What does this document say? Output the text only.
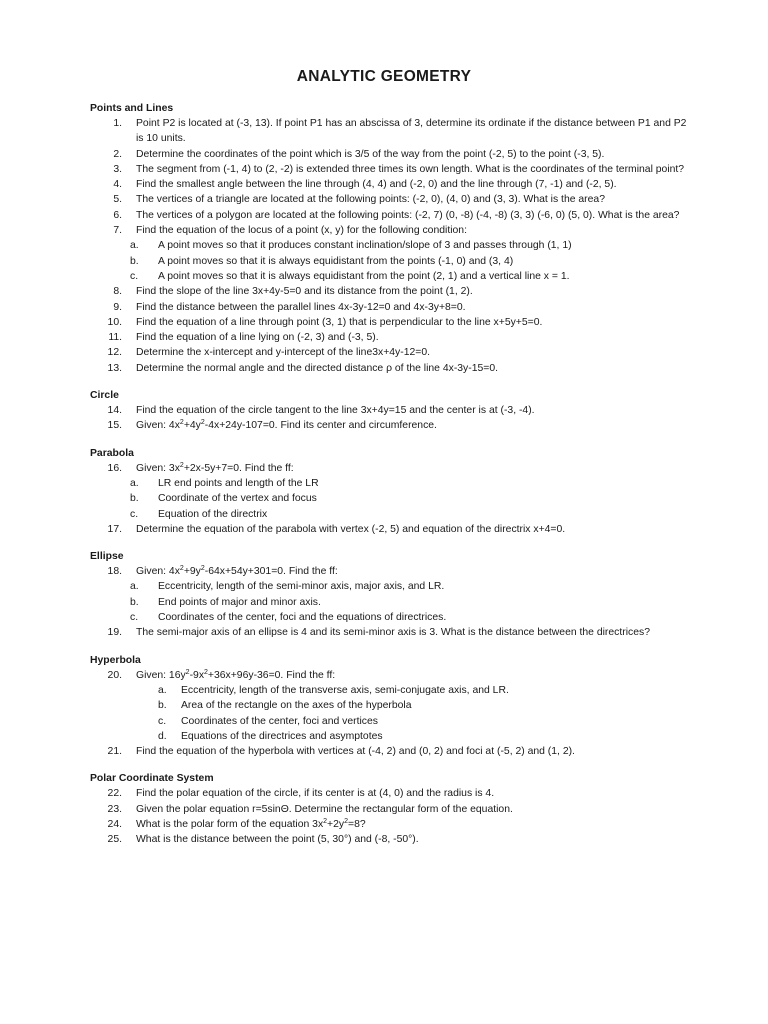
ANALYTIC GEOMETRY
Points and Lines
1. Point P2 is located at (-3, 13). If point P1 has an abscissa of 3, determine its ordinate if the distance between P1 and P2 is 10 units.
2. Determine the coordinates of the point which is 3/5 of the way from the point (-2, 5) to the point (-3, 5).
3. The segment from (-1, 4) to (2, -2) is extended three times its own length. What is the coordinates of the terminal point?
4. Find the smallest angle between the line through (4, 4) and (-2, 0) and the line through (7, -1) and (-2, 5).
5. The vertices of a triangle are located at the following points: (-2, 0), (4, 0) and (3, 3). What is the area?
6. The vertices of a polygon are located at the following points: (-2, 7) (0, -8) (-4, -8) (3, 3) (-6, 0) (5, 0). What is the area?
7. Find the equation of the locus of a point (x, y) for the following condition:
a.	A point moves so that it produces constant inclination/slope of 3 and passes through (1, 1)
b.	A point moves so that it is always equidistant from the points (-1, 0) and (3, 4)
c.	A point moves so that it is always equidistant from the point (2, 1) and a vertical line x = 1.
8. Find the slope of the line 3x+4y-5=0 and its distance from the point (1, 2).
9. Find the distance between the parallel lines 4x-3y-12=0 and 4x-3y+8=0.
10. Find the equation of a line through point (3, 1) that is perpendicular to the line x+5y+5=0.
11. Find the equation of a line lying on (-2, 3) and (-3, 5).
12. Determine the x-intercept and y-intercept of the line3x+4y-12=0.
13. Determine the normal angle and the directed distance ρ of the line 4x-3y-15=0.
Circle
14. Find the equation of the circle tangent to the line 3x+4y=15 and the center is at (-3, -4).
15. Given: $4x^2+4y^2-4x+24y-107=0$. Find its center and circumference.
Parabola
16. Given: $3x^2+2x-5y+7=0$. Find the ff:
a.	LR end points and length of the LR
b.	Coordinate of the vertex and focus
c.	Equation of the directrix
17. Determine the equation of the parabola with vertex (-2, 5) and equation of the directrix x+4=0.
Ellipse
18. Given: $4x^2+9y^2-64x+54y+301=0$. Find the ff:
a.	Eccentricity, length of the semi-minor axis, major axis, and LR.
b.	End points of major and minor axis.
c.	Coordinates of the center, foci and the equations of directrices.
19. The semi-major axis of an ellipse is 4 and its semi-minor axis is 3. What is the distance between the directrices?
Hyperbola
20. Given: $16y^2-9x^2+36x+96y-36=0$. Find the ff:
a.	Eccentricity, length of the transverse axis, semi-conjugate axis, and LR.
b.	Area of the rectangle on the axes of the hyperbola
c.	Coordinates of the center, foci and vertices
d.	Equations of the directrices and asymptotes
21. Find the equation of the hyperbola with vertices at (-4, 2) and (0, 2) and foci at (-5, 2) and (1, 2).
Polar Coordinate System
22. Find the polar equation of the circle, if its center is at (4, 0) and the radius is 4.
23. Given the polar equation r=5sinΘ. Determine the rectangular form of the equation.
24. What is the polar form of the equation $3x^2+2y^2=8$?
25. What is the distance between the point (5, 30°) and (-8, -50°).
